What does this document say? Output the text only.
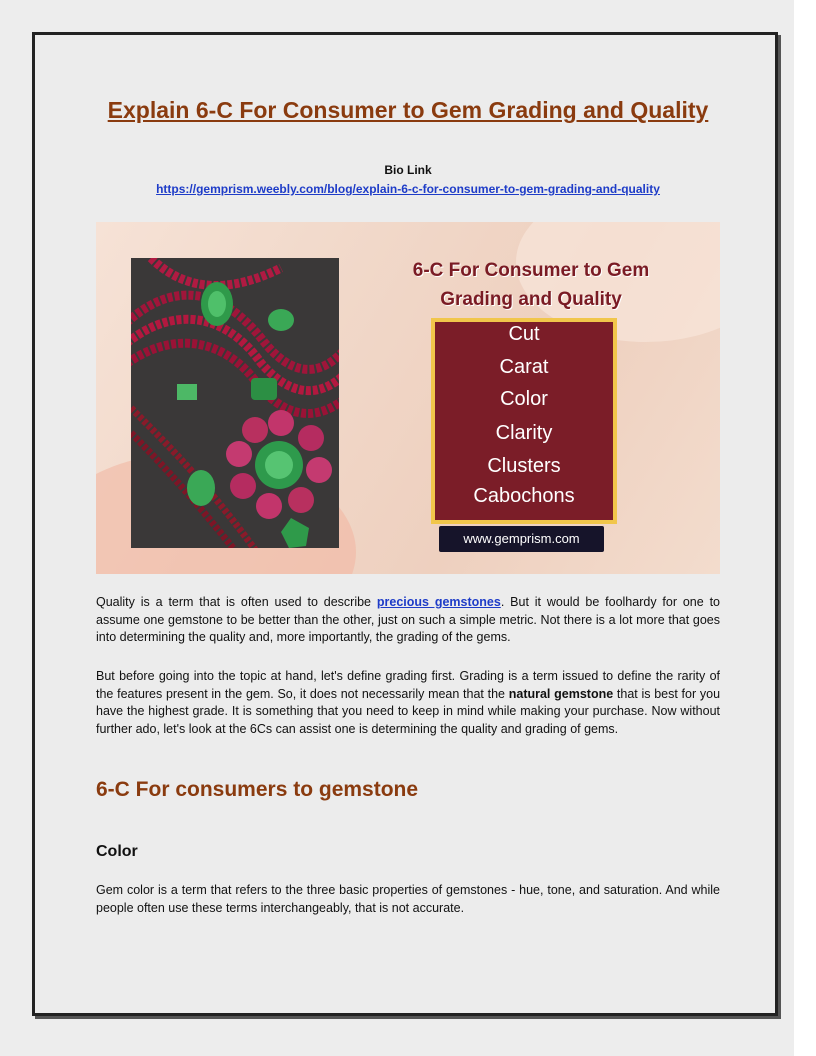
Explain 6-C For Consumer to Gem Grading and Quality
Bio Link
https://gemprism.weebly.com/blog/explain-6-c-for-consumer-to-gem-grading-and-quality
6-C For Consumer to Gem
Grading and Quality
Cut
Carat
Color
Clarity
Clusters
Cabochons
www.gemprism.com

Quality is a term that is often used to describe precious gemstones. But it would be foolhardy for one to assume one gemstone to be better than the other, just on such a simple metric. Not there is a lot more that goes into determining the quality and, more importantly, the grading of the gems.

But before going into the topic at hand, let's define grading first. Grading is a term issued to define the rarity of the features present in the gem. So, it does not necessarily mean that the natural gemstone that is best for you have the highest grade. It is something that you need to keep in mind while making your purchase. Now without further ado, let's look at the 6Cs can assist one is determining the quality and grading of gems.

6-C For consumers to gemstone
Color

Gem color is a term that refers to the three basic properties of gemstones - hue, tone, and saturation. And while people often use these terms interchangeably, that is not accurate.
